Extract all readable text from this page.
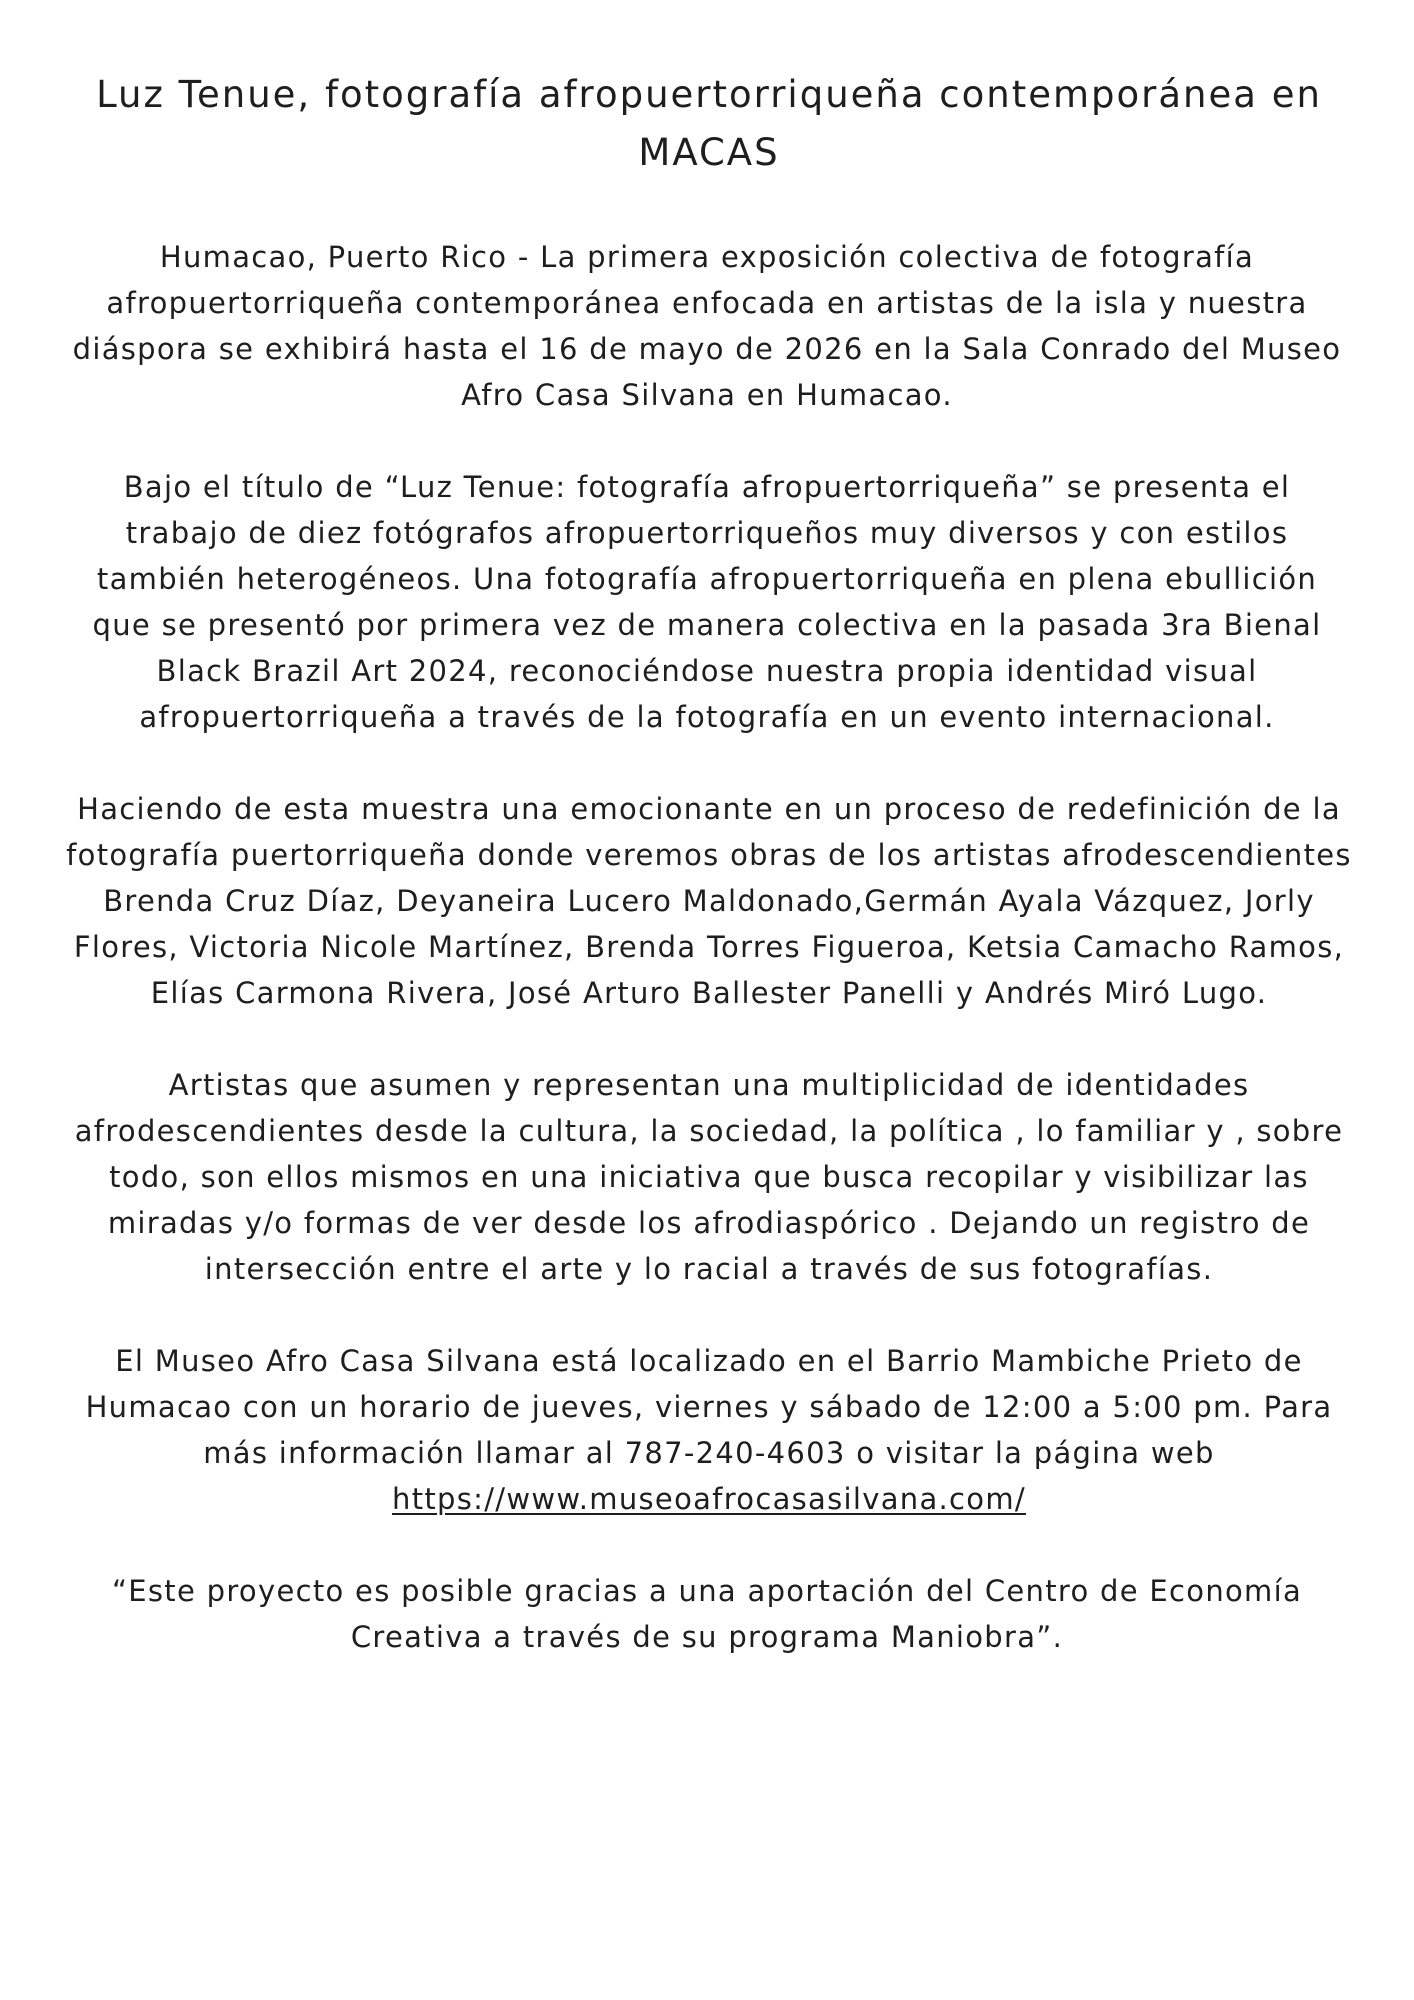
Luz Tenue, fotografía afropuertorriqueña contemporánea en MACAS

Humacao, Puerto Rico - La primera exposición colectiva de fotografía afropuertorriqueña contemporánea enfocada en artistas de la isla y nuestra diáspora se exhibirá hasta el 16 de mayo de 2026 en la Sala Conrado del Museo Afro Casa Silvana en Humacao.

Bajo el título de “Luz Tenue: fotografía afropuertorriqueña” se presenta el trabajo de diez fotógrafos afropuertorriqueños muy diversos y con estilos también heterogéneos. Una fotografía afropuertorriqueña en plena ebullición que se presentó por primera vez de manera colectiva en la pasada 3ra Bienal Black Brazil Art 2024, reconociéndose nuestra propia identidad visual afropuertorriqueña a través de la fotografía en un evento internacional.

Haciendo de esta muestra una emocionante en un proceso de redefinición de la fotografía puertorriqueña donde veremos obras de los artistas afrodescendientes Brenda Cruz Díaz, Deyaneira Lucero Maldonado,Germán Ayala Vázquez, Jorly Flores, Victoria Nicole Martínez, Brenda Torres Figueroa, Ketsia Camacho Ramos, Elías Carmona Rivera, José Arturo Ballester Panelli y Andrés Miró Lugo.

Artistas que asumen y representan una multiplicidad de identidades afrodescendientes desde la cultura, la sociedad, la política , lo familiar y , sobre todo, son ellos mismos en una iniciativa que busca recopilar y visibilizar las miradas y/o formas de ver desde los afrodiaspórico . Dejando un registro de intersección entre el arte y lo racial a través de sus fotografías.

El Museo Afro Casa Silvana está localizado en el Barrio Mambiche Prieto de Humacao con un horario de jueves, viernes y sábado de 12:00 a 5:00 pm. Para más información llamar al 787-240-4603 o visitar la página web
https://www.museoafrocasasilvana.com/

“Este proyecto es posible gracias a una aportación del Centro de Economía Creativa a través de su programa Maniobra”.
